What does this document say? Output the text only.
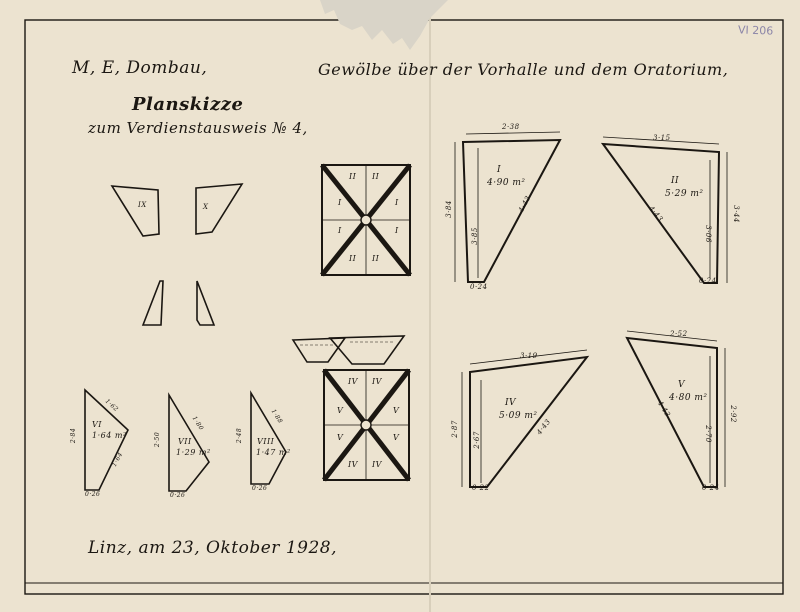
M, E, Dombau,	Gewölbe über der Vorhalle und dem Oratorium,
Planskizze
zum Verdienstausweis № 4,
Linz, am 23, Oktober 1928,
VI 206
II II
I	I
I	I
II II
IV IV
V	V
V	V
IV IV
I
4·90 m²	II
5·29 m²
IV
5·09 m²
V
4·80 m²
2·38
3·84	4·43
3·85
0·24
3·15
3·44
4·43
3·06
0·24
3·19
2·87	4·43
2·67
0·22
2·52
2·92
4·43
2·70
0·24
VI
1·64 m²
VII
1·29 m²
VIII
1·47 m²
IX	X
2·84
1·62
1·64
0·26
2·50
1·80
0·26
2·48
1·88
0·26
